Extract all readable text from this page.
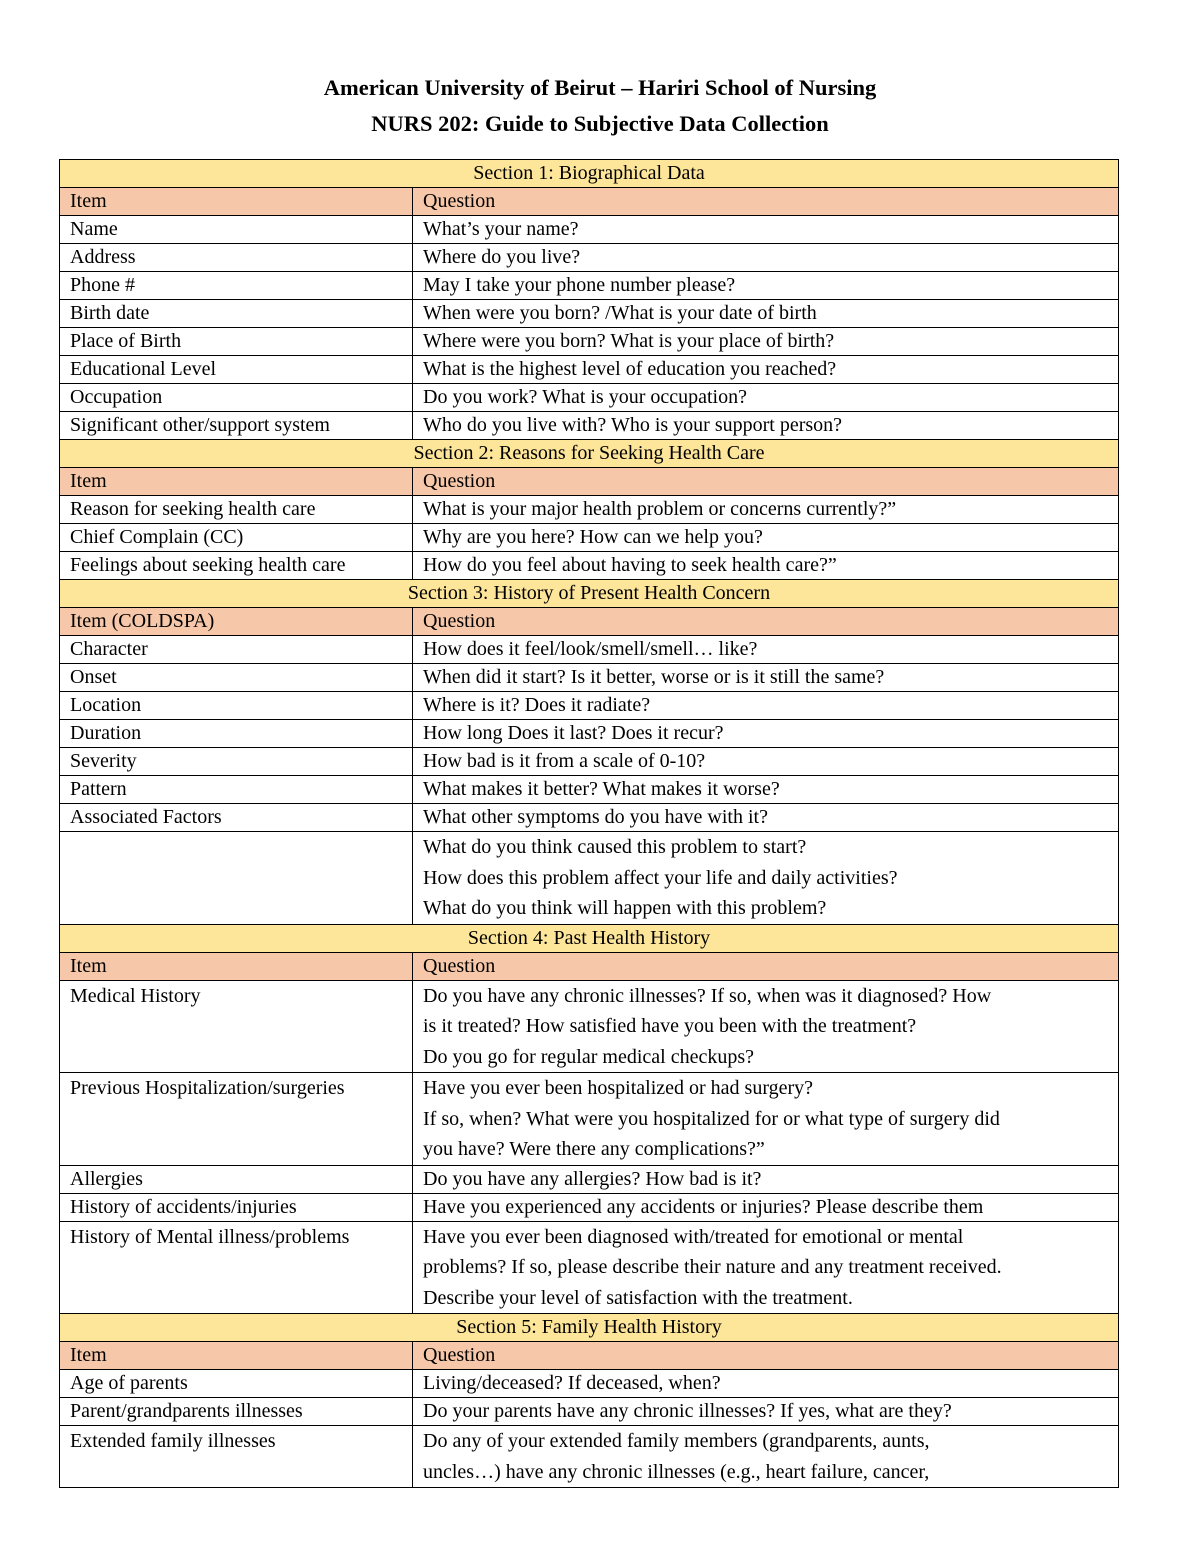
American University of Beirut – Hariri School of Nursing
NURS 202: Guide to Subjective Data Collection
Section 1: Biographical Data	
Item	Question
Name	What’s your name?
Address	Where do you live?
Phone #	May I take your phone number please?
Birth date	When were you born? /What is your date of birth
Place of Birth	Where were you born? What is your place of birth?
Educational Level	What is the highest level of education you reached?
Occupation	Do you work? What is your occupation?
Significant other/support system	Who do you live with? Who is your support person?
Section 2: Reasons for Seeking Health Care	
Item	Question
Reason for seeking health care	What is your major health problem or concerns currently?”
Chief Complain (CC)	Why are you here? How can we help you?
Feelings about seeking health care	How do you feel about having to seek health care?”
Section 3: History of Present Health Concern	
Item (COLDSPA)	Question
Character	How does it feel/look/smell/smell… like?
Onset	When did it start? Is it better, worse or is it still the same?
Location	Where is it? Does it radiate?
Duration	How long Does it last? Does it recur?
Severity	How bad is it from a scale of 0-10?
Pattern	What makes it better? What makes it worse?
Associated Factors	What other symptoms do you have with it?

	What do you think caused this problem to start?
How does this problem affect your life and daily activities?
What do you think will happen with this problem?

Section 4: Past Health History	
Item	Question
Medical History	Do you have any chronic illnesses? If so, when was it diagnosed? How
is it treated? How satisfied have you been with the treatment?
Do you go for regular medical checkups?

Previous Hospitalization/surgeries	Have you ever been hospitalized or had surgery?
If so, when? What were you hospitalized for or what type of surgery did
you have? Were there any complications?”

Allergies	Do you have any allergies? How bad is it?
History of accidents/injuries	Have you experienced any accidents or injuries? Please describe them
History of Mental illness/problems	Have you ever been diagnosed with/treated for emotional or mental
problems? If so, please describe their nature and any treatment received.
Describe your level of satisfaction with the treatment.

Section 5: Family Health History	
Item	Question
Age of parents	Living/deceased? If deceased, when?
Parent/grandparents illnesses	Do your parents have any chronic illnesses? If yes, what are they?
Extended family illnesses	Do any of your extended family members (grandparents, aunts,
uncles…) have any chronic illnesses (e.g., heart failure, cancer,
